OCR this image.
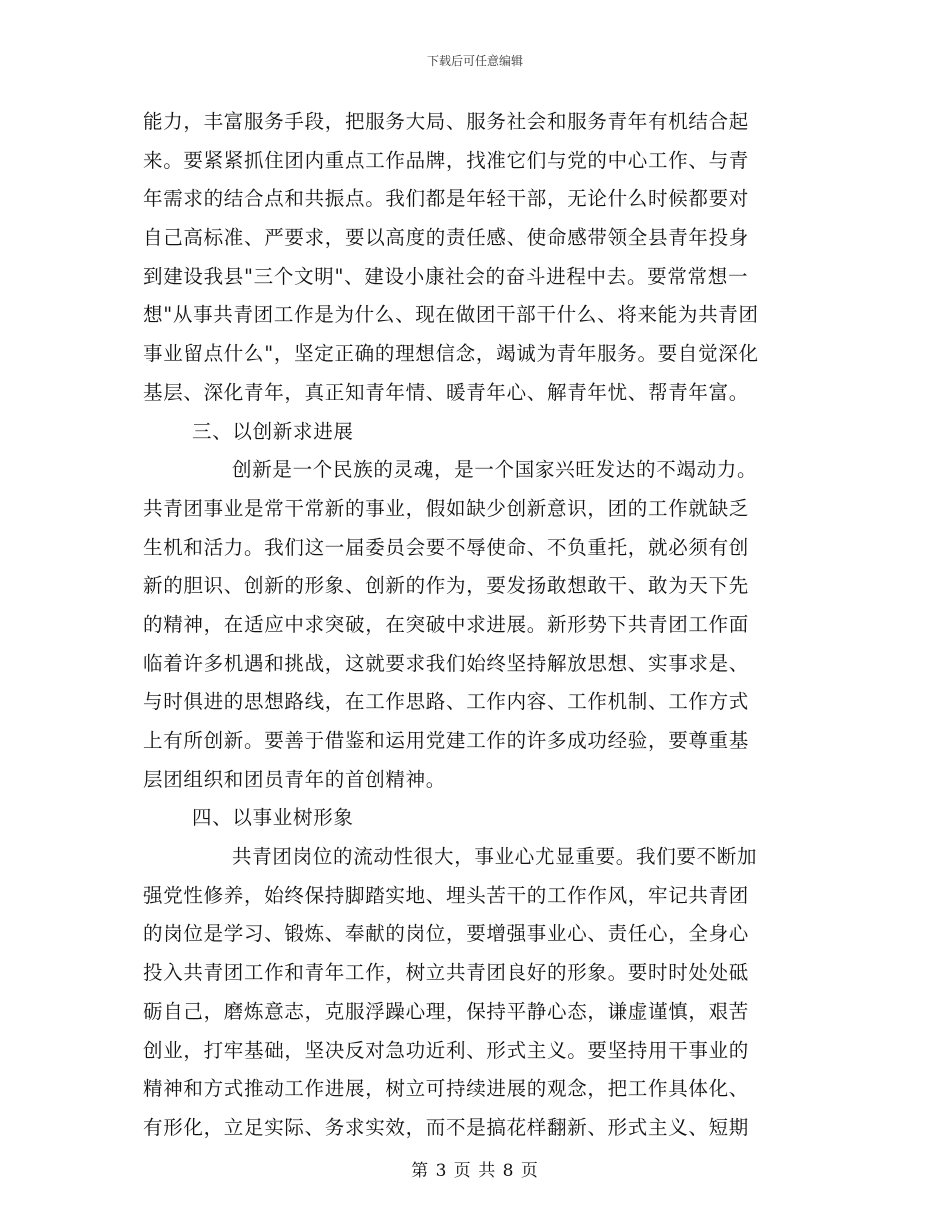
下载后可任意编辑
能力，丰富服务手段，把服务大局、服务社会和服务青年有机结合起
来。要紧紧抓住团内重点工作品牌，找准它们与党的中心工作、与青
年需求的结合点和共振点。我们都是年轻干部，无论什么时候都要对
自己高标准、严要求，要以高度的责任感、使命感带领全县青年投身
到建设我县"三个文明"、建设小康社会的奋斗进程中去。要常常想一
想"从事共青团工作是为什么、现在做团干部干什么、将来能为共青团
事业留点什么"，坚定正确的理想信念，竭诚为青年服务。要自觉深化
基层、深化青年，真正知青年情、暖青年心、解青年忧、帮青年富。
三、以创新求进展
创新是一个民族的灵魂，是一个国家兴旺发达的不竭动力。
共青团事业是常干常新的事业，假如缺少创新意识，团的工作就缺乏
生机和活力。我们这一届委员会要不辱使命、不负重托，就必须有创
新的胆识、创新的形象、创新的作为，要发扬敢想敢干、敢为天下先
的精神，在适应中求突破，在突破中求进展。新形势下共青团工作面
临着许多机遇和挑战，这就要求我们始终坚持解放思想、实事求是、
与时俱进的思想路线，在工作思路、工作内容、工作机制、工作方式
上有所创新。要善于借鉴和运用党建工作的许多成功经验，要尊重基
层团组织和团员青年的首创精神。
四、以事业树形象
共青团岗位的流动性很大，事业心尤显重要。我们要不断加
强党性修养，始终保持脚踏实地、埋头苦干的工作作风，牢记共青团
的岗位是学习、锻炼、奉献的岗位，要增强事业心、责任心，全身心
投入共青团工作和青年工作，树立共青团良好的形象。要时时处处砥
砺自己，磨炼意志，克服浮躁心理，保持平静心态，谦虚谨慎，艰苦
创业，打牢基础，坚决反对急功近利、形式主义。要坚持用干事业的
精神和方式推动工作进展，树立可持续进展的观念，把工作具体化、
有形化，立足实际、务求实效，而不是搞花样翻新、形式主义、短期
第 3 页 共 8 页
